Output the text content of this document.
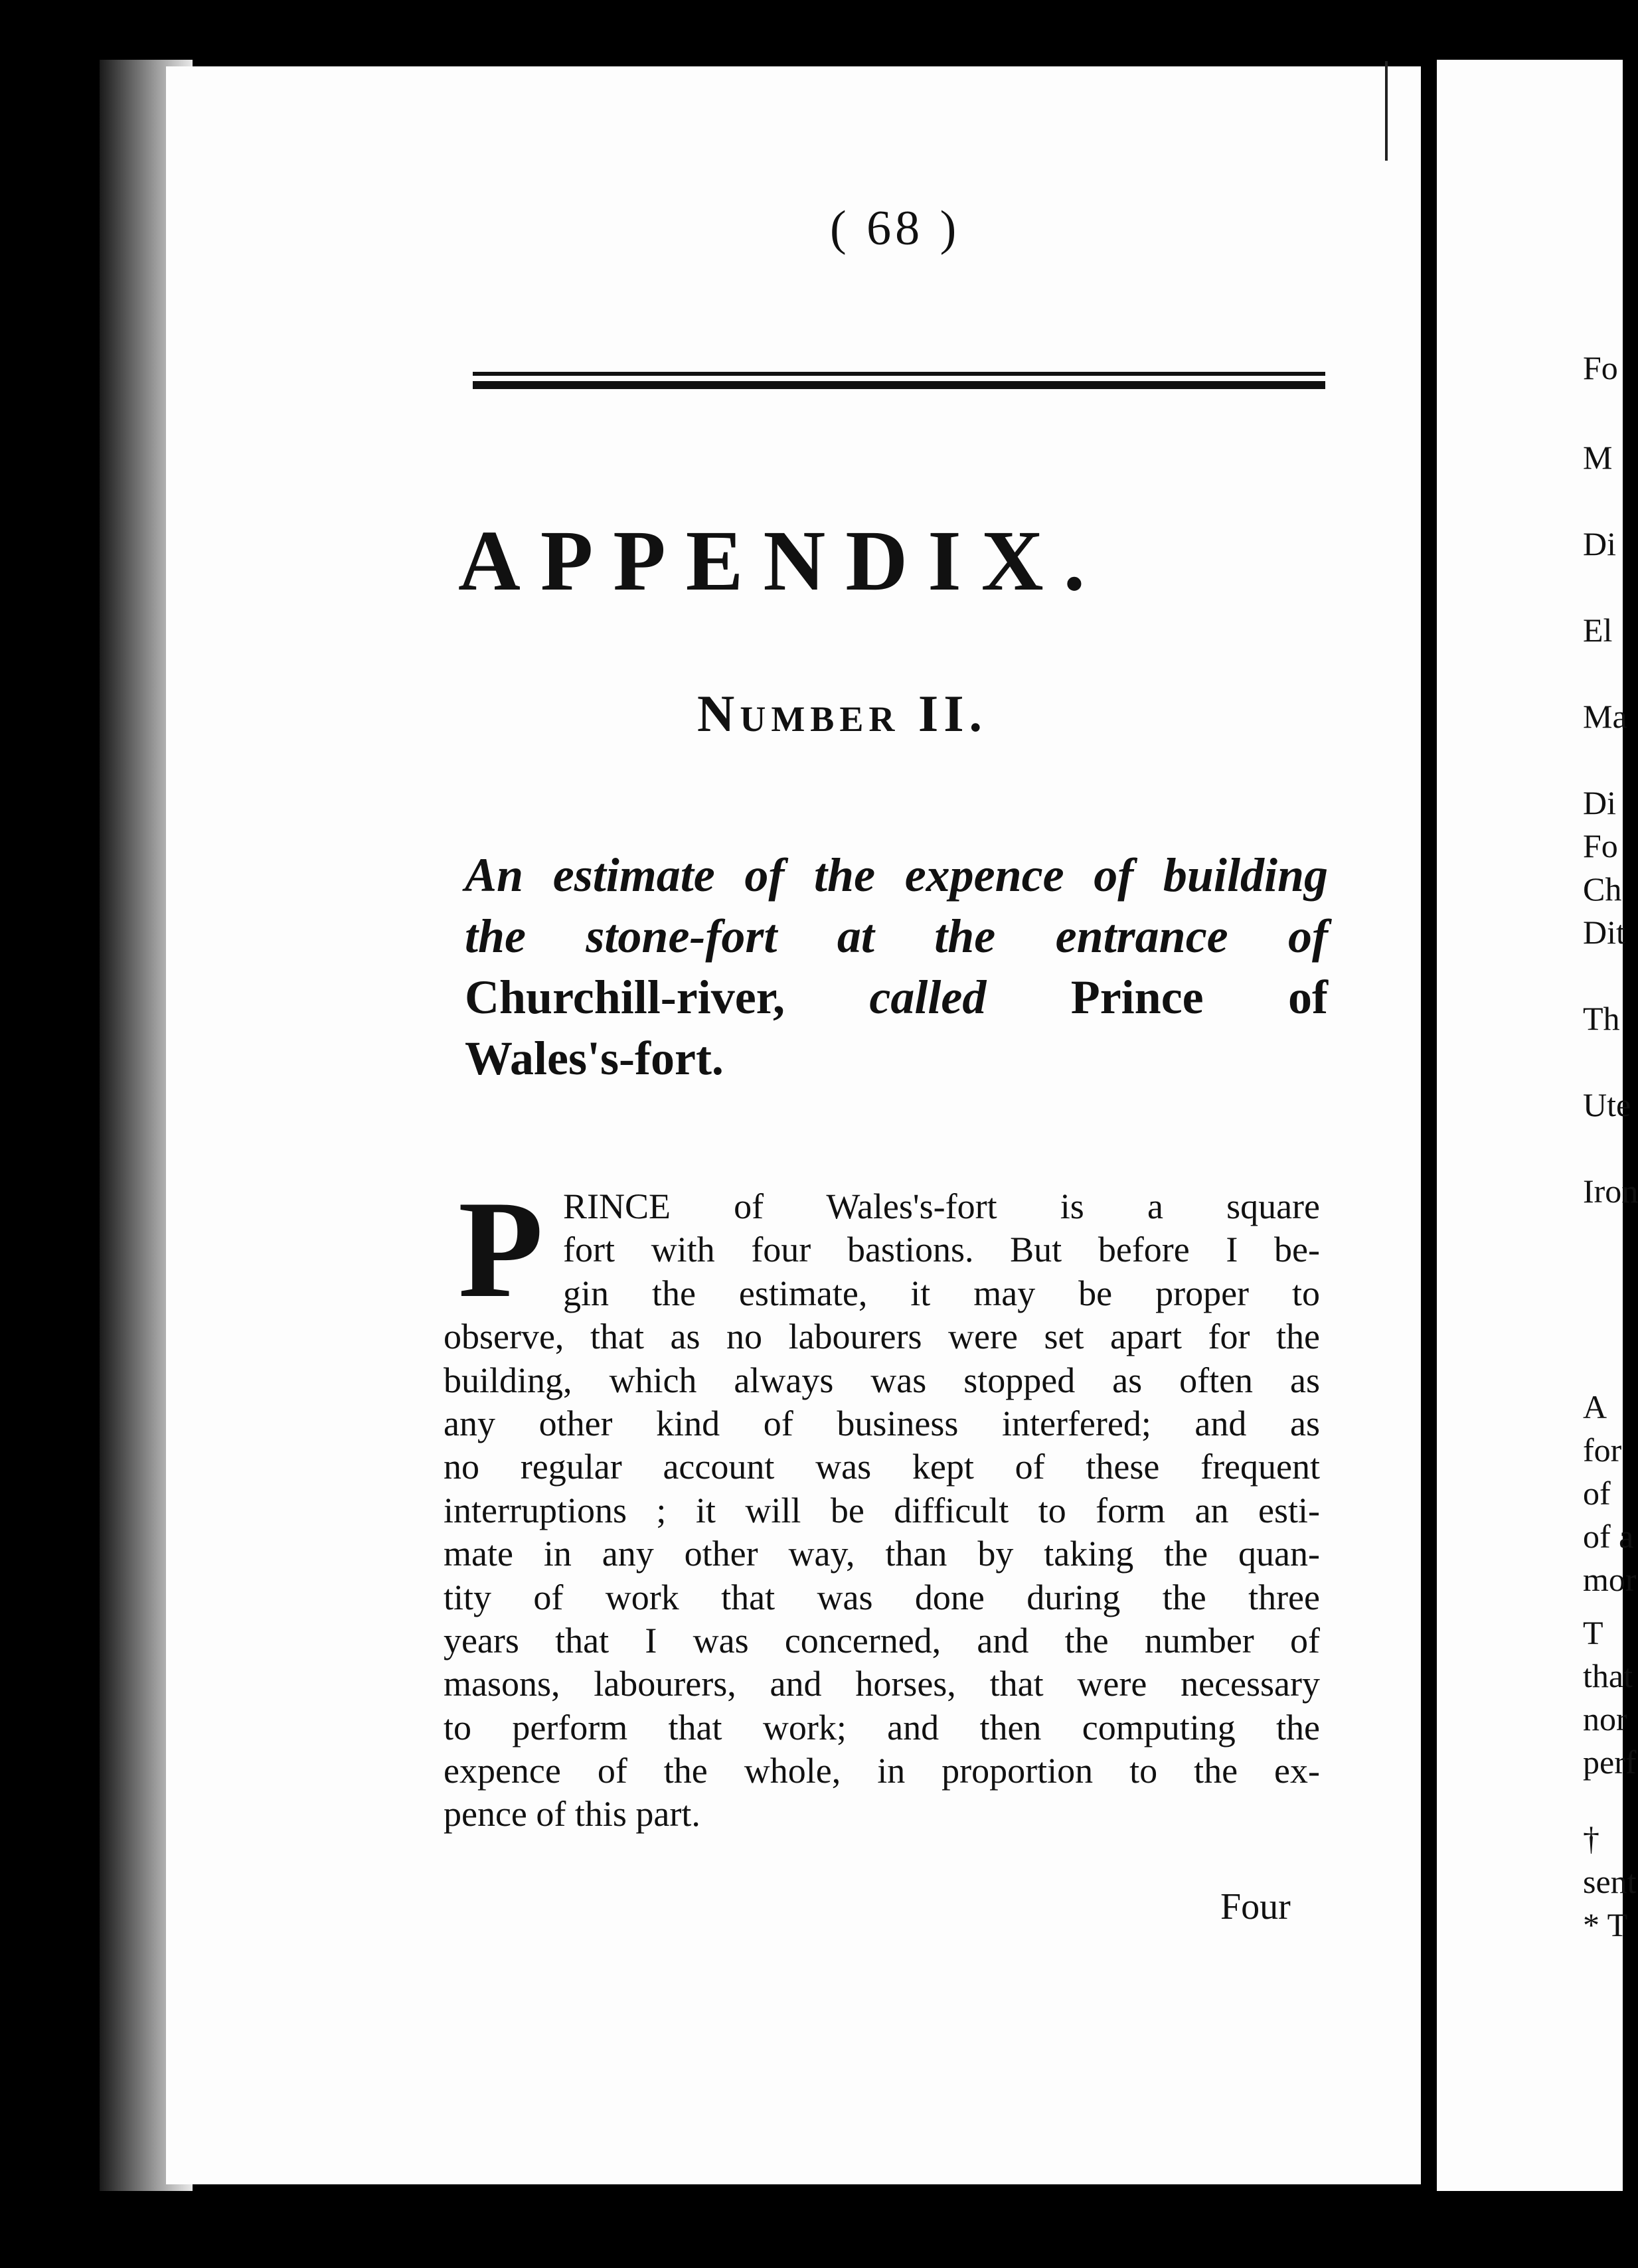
( 68 )
APPENDIX.
NUMBER II.
An estimate of the expence of building
the stone-fort at the entrance of
Churchill-river, called Prince of
Wales's-fort.
P RINCE of Wales's-fort is a square
fort with four bastions. But before I be-
gin the estimate, it may be proper to
observe, that as no labourers were set apart for the
building, which always was stopped as often as
any other kind of business interfered; and as
no regular account was kept of these frequent
interruptions ; it will be difficult to form an esti-
mate in any other way, than by taking the quan-
tity of work that was done during the three
years that I was concerned, and the number of
masons, labourers, and horses, that were necessary
to perform that work; and then computing the
expence of the whole, in proportion to the ex-
pence of this part.
Four
Fo
M
Di
El
Ma
Di
Fo
Ch
Dit
Th
Ute
Iron
A
for
of
of a
mor
T
that
nor
perf
†
sent
* T
